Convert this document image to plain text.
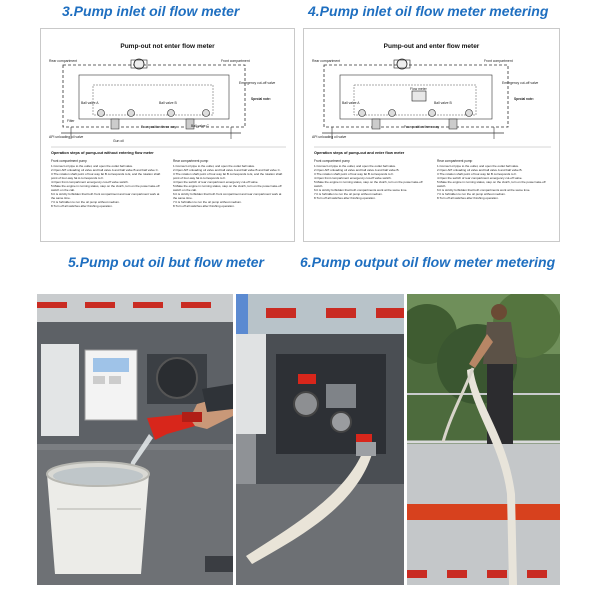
3.Pump inlet oil flow meter	4.Pump inlet oil flow meter metering
Pump-out not enter flow meter
Rear compartment	Front compartment
Emergency cut-off valve
Ball valve A	Ball valve B
Ball valve C
API unloading oil valve
Gun oil
Filter
Four position three way
Special note:
Operation steps of pump-out without entering flow meter
Front compartment pump

1.Connect oil pipe to the outlet, and open the outlet ball valve.

2.Open API unloading oil valve and ball valve A and ball valve B and ball valve C.

3.The rotation shaft point of four-way fat B corresponds to E, and the rotation shaft point of four-way fat A corresponds to F.

4.Open front compartment emergency cut-off valve switch.

5.Make the engine in running status, step on the clutch, turn on the power take-off switch on the cab.

6.It is strictly forbidden that both front compartment and rear compartment work at the same time.

7.It is forbidden to run the oil pump without medium.

8.Turn off all switches after finishing operation.

Rear compartment pump

1.Connect oil pipe to the outlet, and open the outlet ball valve.

2.Open API unloading oil valve and ball valve A and ball valve B and ball valve C.

3.The rotation shaft point of four-way fat B corresponds to E, and the rotation shaft point of four-way fat A corresponds to F.

4.Open the switch of rear compartment emergency cut-off valve.

5.Make the engine in running status, step on the clutch, turn on the power take-off switch on the cab.

6.It is strictly forbidden that both front compartment and rear compartment work at the same time.

7.It is forbidden to run the oil pump without medium.

8.Turn off all switches after finishing operation.

Pump-out and enter flow meter
Rear compartment	Front compartment
Emergency cut-off valve
Ball valve A	Ball valve B
Flow meter
API unloading oil valve
Four position three way
Special note:
Operation steps of pump-out and enter flow meter
Front compartment pump

1.Connect oil pipe to the outlet, and open the outlet ball valve.

2.Open API unloading oil valve and ball valve A and ball valve B.

3.The rotation shaft point of four-way fat B corresponds to F.

4.Open front compartment emergency cut-off valve switch.

5.Make the engine in running status, step on the clutch, turn on the power take-off switch.

6.It is strictly forbidden that both compartments work at the same time.

7.It is forbidden to run the oil pump without medium.

8.Turn off all switches after finishing operation.

Rear compartment pump

1.Connect oil pipe to the outlet, and open the outlet ball valve.

2.Open API unloading oil valve and ball valve A and ball valve B.

3.The rotation shaft point of four-way fat B corresponds to F.

4.Open the switch of rear compartment emergency cut-off valve.

5.Make the engine in running status, step on the clutch, turn on the power take-off switch.

6.It is strictly forbidden that both compartments work at the same time.

7.It is forbidden to run the oil pump without medium.

8.Turn off all switches after finishing operation.

5.Pump out oil but flow meter	6.Pump output oil flow meter metering
